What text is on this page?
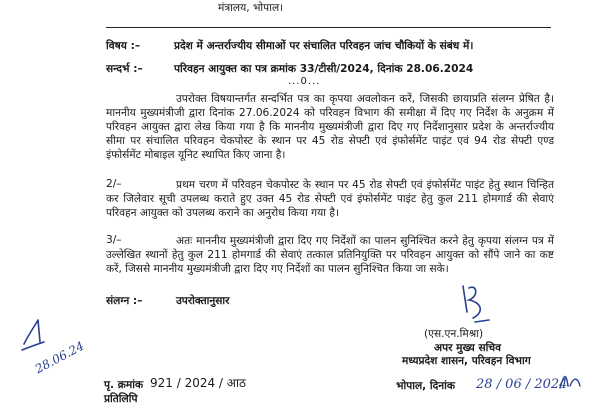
मंत्रालय, भोपाल।
विषय :–	प्रदेश में अन्तर्राज्यीय सीमाओं पर संचालित परिवहन जांच चौकियों के संबंध में।
सन्दर्भ :–	परिवहन आयुक्त का पत्र क्रमांक 33/टीसी/2024, दिनांक 28.06.2024
...0...
उपरोक्त विषयान्तर्गत सन्दर्भित पत्र का कृपया अवलोकन करें, जिसकी छायाप्रति संलग्न प्रेषित है। माननीय मुख्यमंत्रीजी द्वारा दिनांक 27.06.2024 को परिवहन विभाग की समीक्षा में दिए गए निर्देश के अनुक्रम में परिवहन आयुक्त द्वारा लेख किया गया है कि माननीय मुख्यमंत्रीजी द्वारा दिए गए निर्देशानुसार प्रदेश के अन्तर्राज्यीय सीमा पर संचालित परिवहन चेकपोस्ट के स्थान पर 45 रोड सेफ्टी एवं इंफोर्समेंट पाइंट एवं 94 रोड सेफ्टी एण्ड इंफोर्समेंट मोबाइल यूनिट स्थापित किए जाना है।
2/–	प्रथम चरण में परिवहन चेकपोस्ट के स्थान पर 45 रोड सेफ्टी एवं इंफोर्समेंट पाइंट हेतु स्थान चिन्हित कर जिलेवार सूची उपलब्ध कराते हुए उक्त 45 रोड सेफ्टी एवं इंफोर्समेंट पाइंट हेतु कुल 211 होमगार्ड की सेवाएं परिवहन आयुक्त को उपलब्ध कराने का अनुरोध किया गया है।
3/–	अतः माननीय मुख्यमंत्रीजी द्वारा दिए गए निर्देशों का पालन सुनिश्चित करने हेतु कृपया संलग्न पत्र में उल्लेखित स्थानों हेतु कुल 211 होमगार्ड की सेवाएं तत्काल प्रतिनियुक्ति पर परिवहन आयुक्त को सौंपे जाने का कष्ट करें, जिससे माननीय मुख्यमंत्रीजी द्वारा दिए गए निर्देशों का पालन सुनिश्चित किया जा सके।
संलग्न :–	उपरोक्तानुसार
(एस.एन.मिश्रा)
अपर मुख्य सचिव
मध्यप्रदेश शासन, परिवहन विभाग
भोपाल, दिनांक 28 / 06 / 2024
28.06.24
पृ. क्रमांक 921 / 2024 / आठ
प्रतिलिपि
